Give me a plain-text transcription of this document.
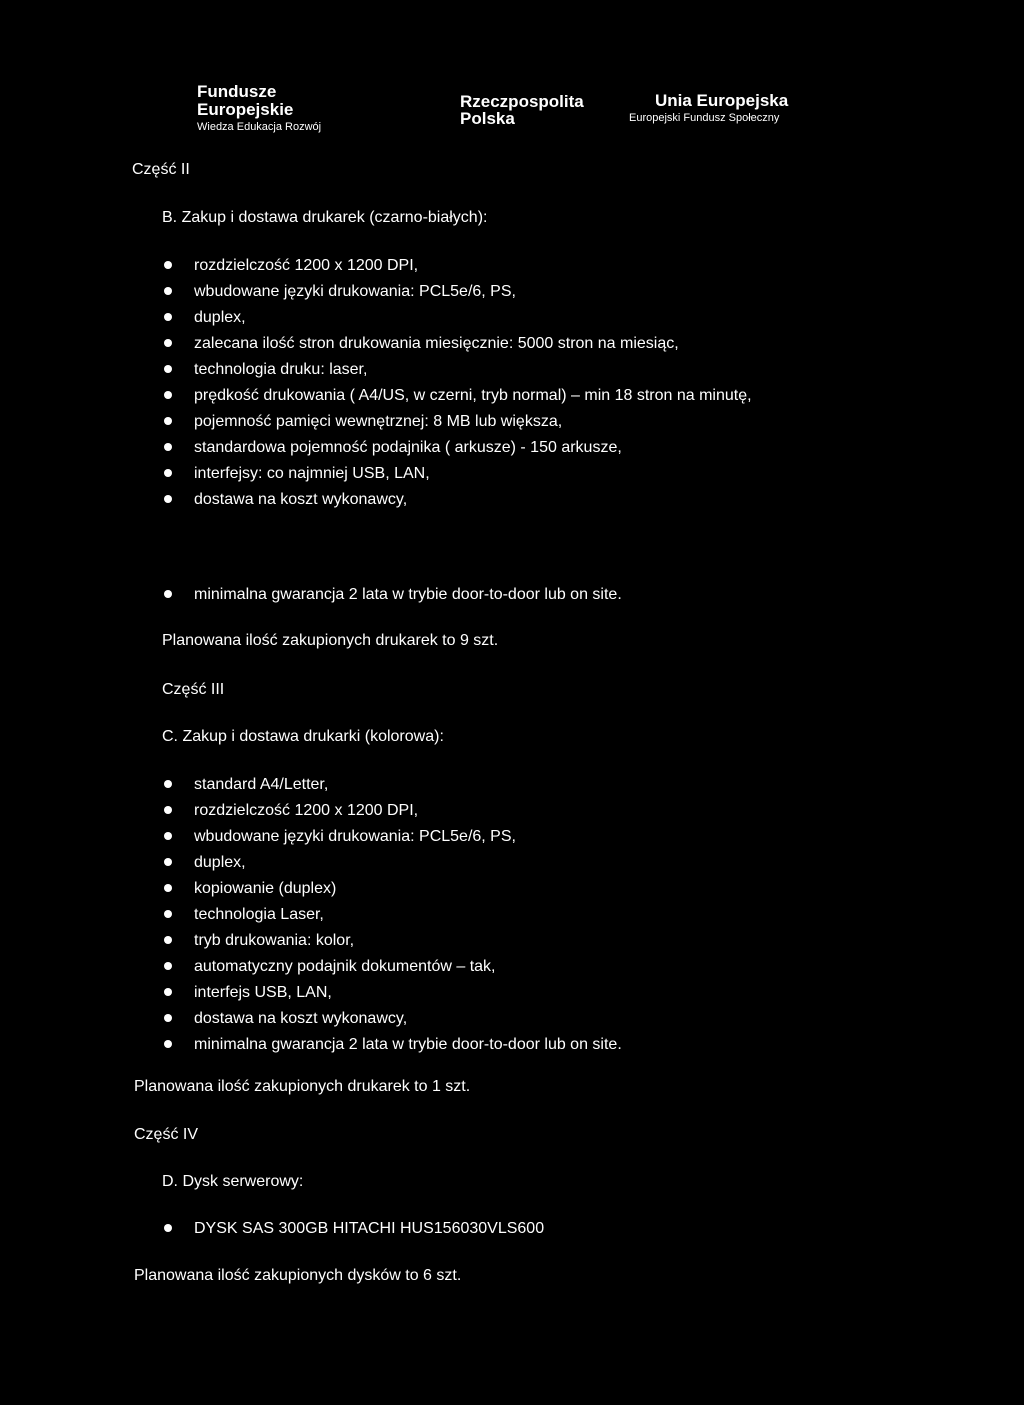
Fundusze
Europejskie
Wiedza Edukacja Rozwój
Rzeczpospolita
Polska
Unia Europejska
Europejski Fundusz Społeczny
Część II
B. Zakup i dostawa drukarek (czarno-białych):
rozdzielczość 1200 x 1200 DPI,
wbudowane języki drukowania: PCL5e/6, PS,
duplex,
zalecana ilość stron drukowania miesięcznie: 5000 stron na miesiąc,
technologia druku: laser,
prędkość drukowania ( A4/US, w czerni, tryb normal) – min 18 stron na minutę,
pojemność pamięci wewnętrznej: 8 MB lub większa,
standardowa pojemność podajnika ( arkusze) - 150 arkusze,
interfejsy: co najmniej USB, LAN,
dostawa na koszt wykonawcy,
minimalna gwarancja 2 lata w trybie door-to-door lub on site.
Planowana ilość zakupionych drukarek to 9 szt.
Część III
C. Zakup i dostawa drukarki (kolorowa):
standard A4/Letter,
rozdzielczość 1200 x 1200 DPI,
wbudowane języki drukowania: PCL5e/6, PS,
duplex,
kopiowanie (duplex)
technologia Laser,
tryb drukowania: kolor,
automatyczny podajnik dokumentów – tak,
interfejs USB, LAN,
dostawa na koszt wykonawcy,
minimalna gwarancja 2 lata w trybie door-to-door lub on site.
Planowana ilość zakupionych drukarek to 1 szt.
Część IV
D. Dysk serwerowy:
DYSK SAS 300GB HITACHI HUS156030VLS600
Planowana ilość zakupionych dysków to 6 szt.
